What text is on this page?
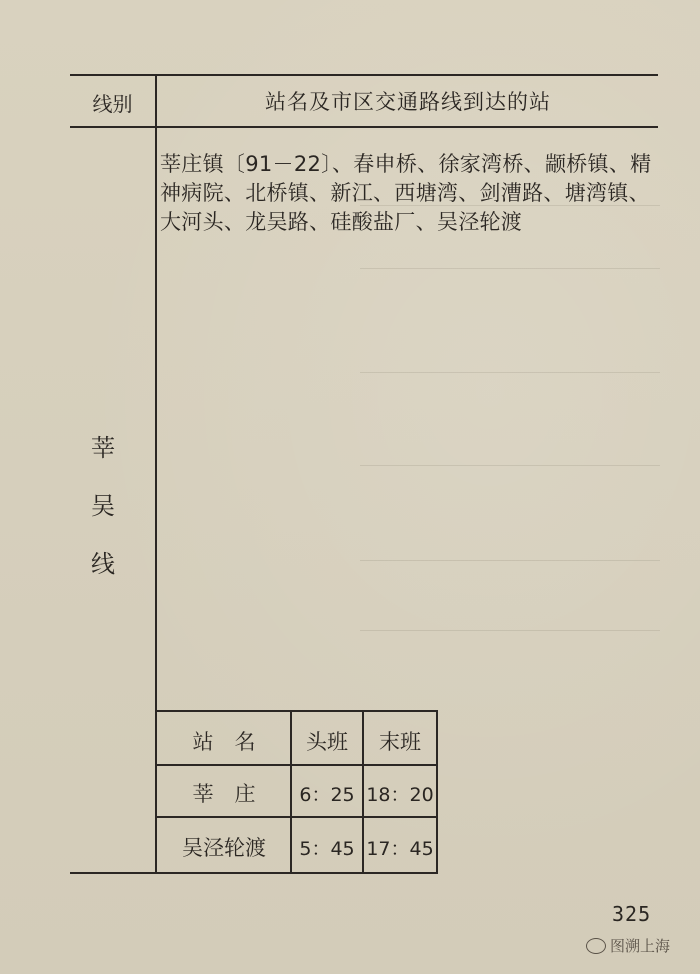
线别	站名及市区交通路线到达的站
莘
吴
线
莘庄镇〔91－22〕、春申桥、徐家湾桥、颛桥镇、精
神病院、北桥镇、新江、西塘湾、剑漕路、塘湾镇、
大河头、龙吴路、硅酸盐厂、吴泾轮渡
站　名	头班	末班
莘　庄	6：25 18：20
吴泾轮渡	5：45 17：45
325
图溯上海
